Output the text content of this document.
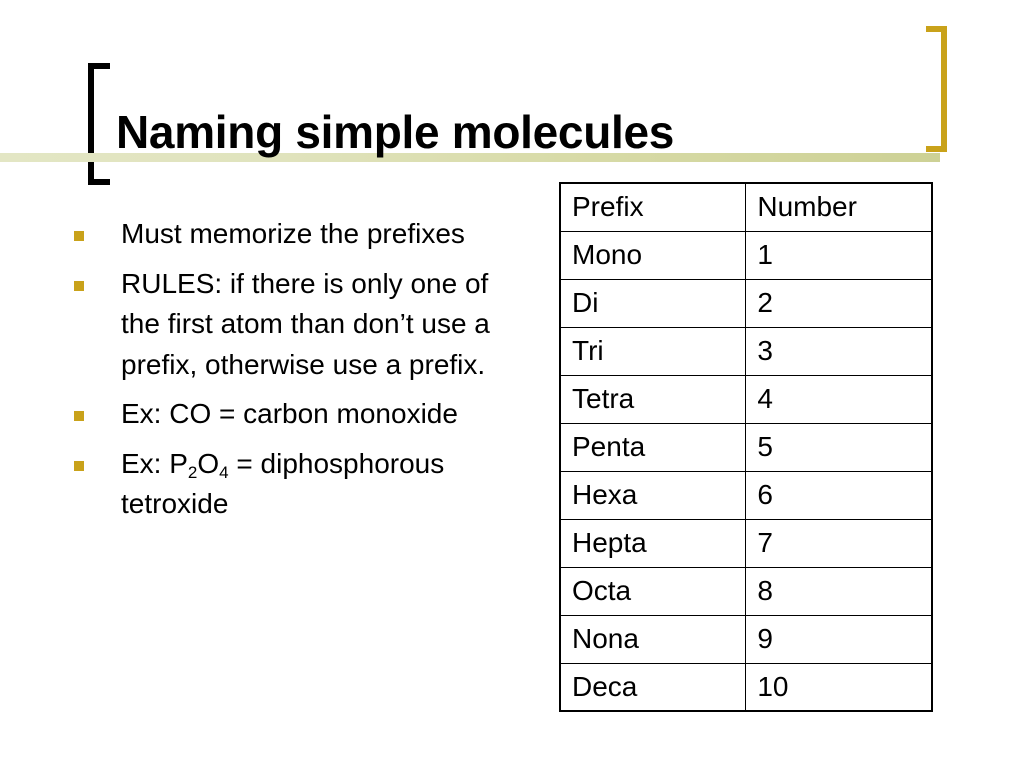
Naming simple molecules
Must memorize the prefixes
RULES: if there is only one of the first atom than don’t use a prefix, otherwise use a prefix.
Ex: CO = carbon monoxide
Ex: $P_2O_4$ = diphosphorous tetroxide
Prefix	Number
Mono	1
Di	2
Tri	3
Tetra	4
Penta	5
Hexa	6
Hepta	7
Octa	8
Nona	9
Deca	10
